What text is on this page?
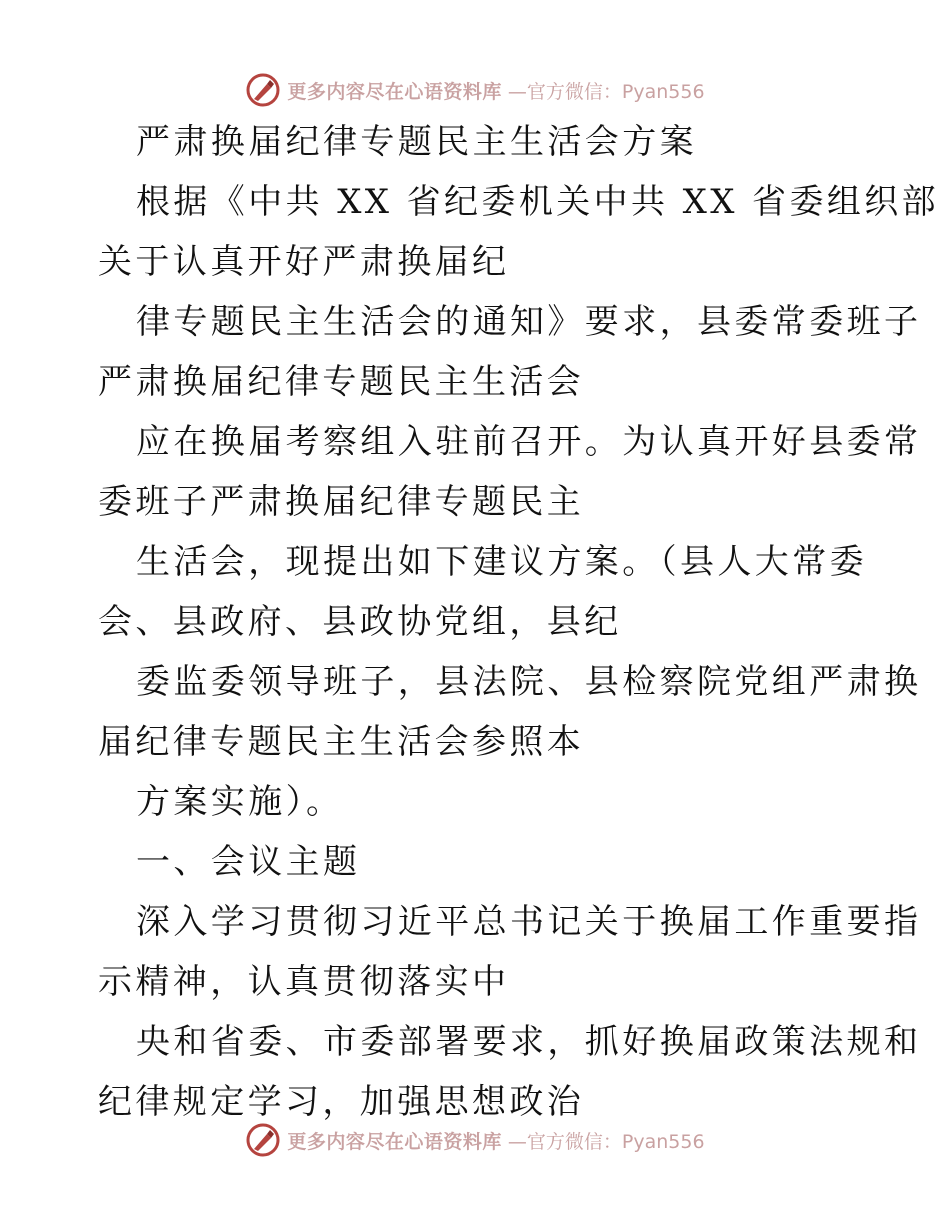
更多内容尽在心语资料库 —官方微信：Pyan556
严肃换届纪律专题民主生活会方案
根据《中共 XX 省纪委机关中共 XX 省委组织部
关于认真开好严肃换届纪
律专题民主生活会的通知》要求，县委常委班子
严肃换届纪律专题民主生活会
应在换届考察组入驻前召开。为认真开好县委常
委班子严肃换届纪律专题民主
生活会，现提出如下建议方案。（县人大常委
会、县政府、县政协党组，县纪
委监委领导班子，县法院、县检察院党组严肃换
届纪律专题民主生活会参照本
方案实施）。
一、会议主题
深入学习贯彻习近平总书记关于换届工作重要指
示精神，认真贯彻落实中
央和省委、市委部署要求，抓好换届政策法规和
纪律规定学习，加强思想政治
更多内容尽在心语资料库 —官方微信：Pyan556
